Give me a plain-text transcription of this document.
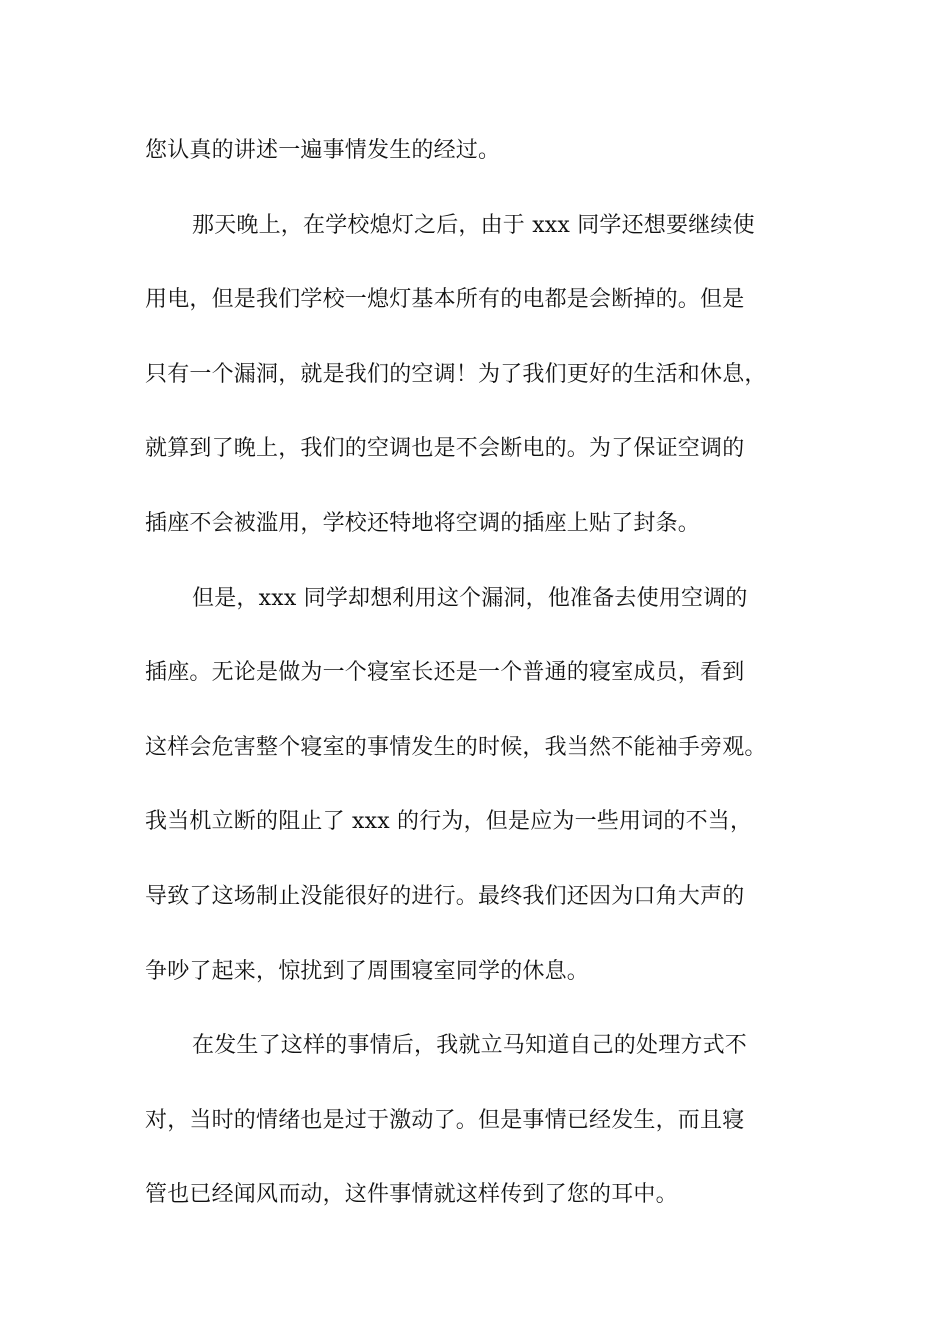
您认真的讲述一遍事情发生的经过。
那天晚上，在学校熄灯之后，由于 xxx 同学还想要继续使
用电，但是我们学校一熄灯基本所有的电都是会断掉的。但是
只有一个漏洞，就是我们的空调！为了我们更好的生活和休息，
就算到了晚上，我们的空调也是不会断电的。为了保证空调的
插座不会被滥用，学校还特地将空调的插座上贴了封条。
但是，xxx 同学却想利用这个漏洞，他准备去使用空调的
插座。无论是做为一个寝室长还是一个普通的寝室成员，看到
这样会危害整个寝室的事情发生的时候，我当然不能袖手旁观。
我当机立断的阻止了 xxx 的行为，但是应为一些用词的不当，
导致了这场制止没能很好的进行。最终我们还因为口角大声的
争吵了起来，惊扰到了周围寝室同学的休息。
在发生了这样的事情后，我就立马知道自己的处理方式不
对，当时的情绪也是过于激动了。但是事情已经发生，而且寝
管也已经闻风而动，这件事情就这样传到了您的耳中。
